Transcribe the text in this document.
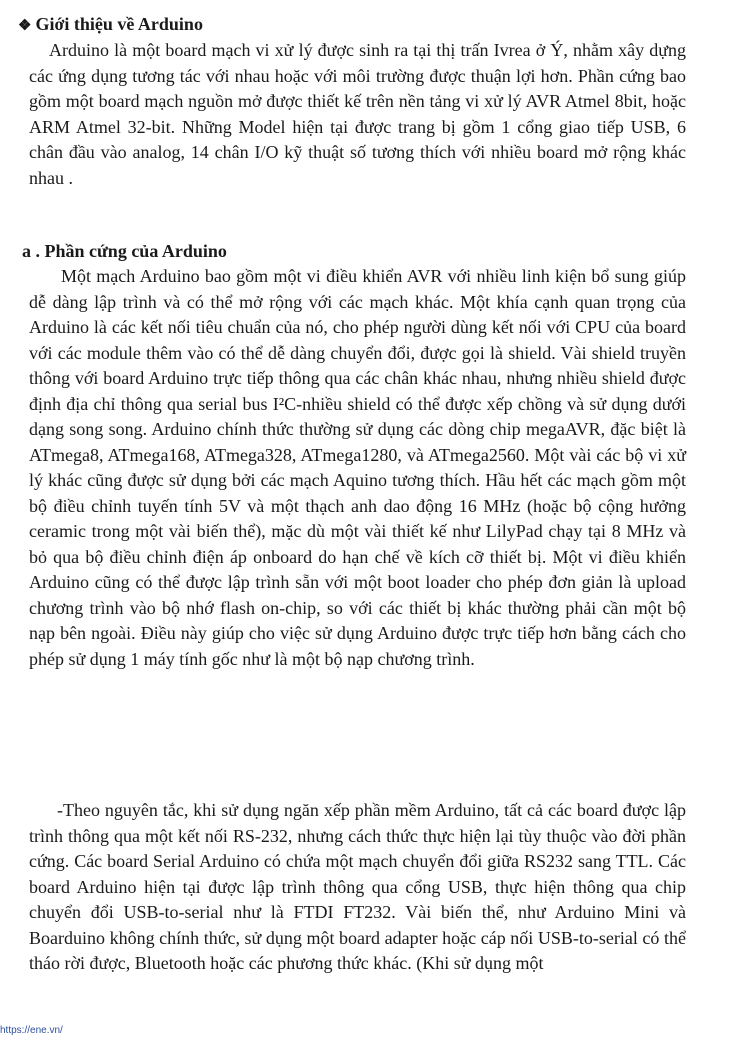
❖ Giới thiệu về Arduino

Arduino là một board mạch vi xử lý được sinh ra tại thị trấn Ivrea ở Ý, nhằm xây dựng các ứng dụng tương tác với nhau hoặc với môi trường được thuận lợi hơn. Phần cứng bao gồm một board mạch nguồn mở được thiết kế trên nền tảng vi xử lý AVR Atmel 8bit, hoặc ARM Atmel 32-bit. Những Model hiện tại được trang bị gồm 1 cổng giao tiếp USB, 6 chân đầu vào analog, 14 chân I/O kỹ thuật số tương thích với nhiều board mở rộng khác nhau .

a . Phần cứng của Arduino

Một mạch Arduino bao gồm một vi điều khiển AVR với nhiều linh kiện bổ sung giúp dễ dàng lập trình và có thể mở rộng với các mạch khác. Một khía cạnh quan trọng của Arduino là các kết nối tiêu chuẩn của nó, cho phép người dùng kết nối với CPU của board với các module thêm vào có thể dễ dàng chuyển đổi, được gọi là shield. Vài shield truyền thông với board Arduino trực tiếp thông qua các chân khác nhau, nhưng nhiều shield được định địa chỉ thông qua serial bus I²C-nhiều shield có thể được xếp chồng và sử dụng dưới dạng song song. Arduino chính thức thường sử dụng các dòng chip megaAVR, đặc biệt là ATmega8, ATmega168, ATmega328, ATmega1280, và ATmega2560. Một vài các bộ vi xử lý khác cũng được sử dụng bởi các mạch Aquino tương thích. Hầu hết các mạch gồm một bộ điều chỉnh tuyến tính 5V và một thạch anh dao động 16 MHz (hoặc bộ cộng hưởng ceramic trong một vài biến thể), mặc dù một vài thiết kế như LilyPad chạy tại 8 MHz và bỏ qua bộ điều chỉnh điện áp onboard do hạn chế về kích cỡ thiết bị. Một vi điều khiển Arduino cũng có thể được lập trình sẵn với một boot loader cho phép đơn giản là upload chương trình vào bộ nhớ flash on-chip, so với các thiết bị khác thường phải cần một bộ nạp bên ngoài. Điều này giúp cho việc sử dụng Arduino được trực tiếp hơn bằng cách cho phép sử dụng 1 máy tính gốc như là một bộ nạp chương trình.

-Theo nguyên tắc, khi sử dụng ngăn xếp phần mềm Arduino, tất cả các board được lập trình thông qua một kết nối RS-232, nhưng cách thức thực hiện lại tùy thuộc vào đời phần cứng. Các board Serial Arduino có chứa một mạch chuyển đổi giữa RS232 sang TTL. Các board Arduino hiện tại được lập trình thông qua cổng USB, thực hiện thông qua chip chuyển đổi USB-to-serial như là FTDI FT232. Vài biến thể, như Arduino Mini và Boarduino không chính thức, sử dụng một board adapter hoặc cáp nối USB-to-serial có thể tháo rời được, Bluetooth hoặc các phương thức khác. (Khi sử dụng một

https://ene.vn/
